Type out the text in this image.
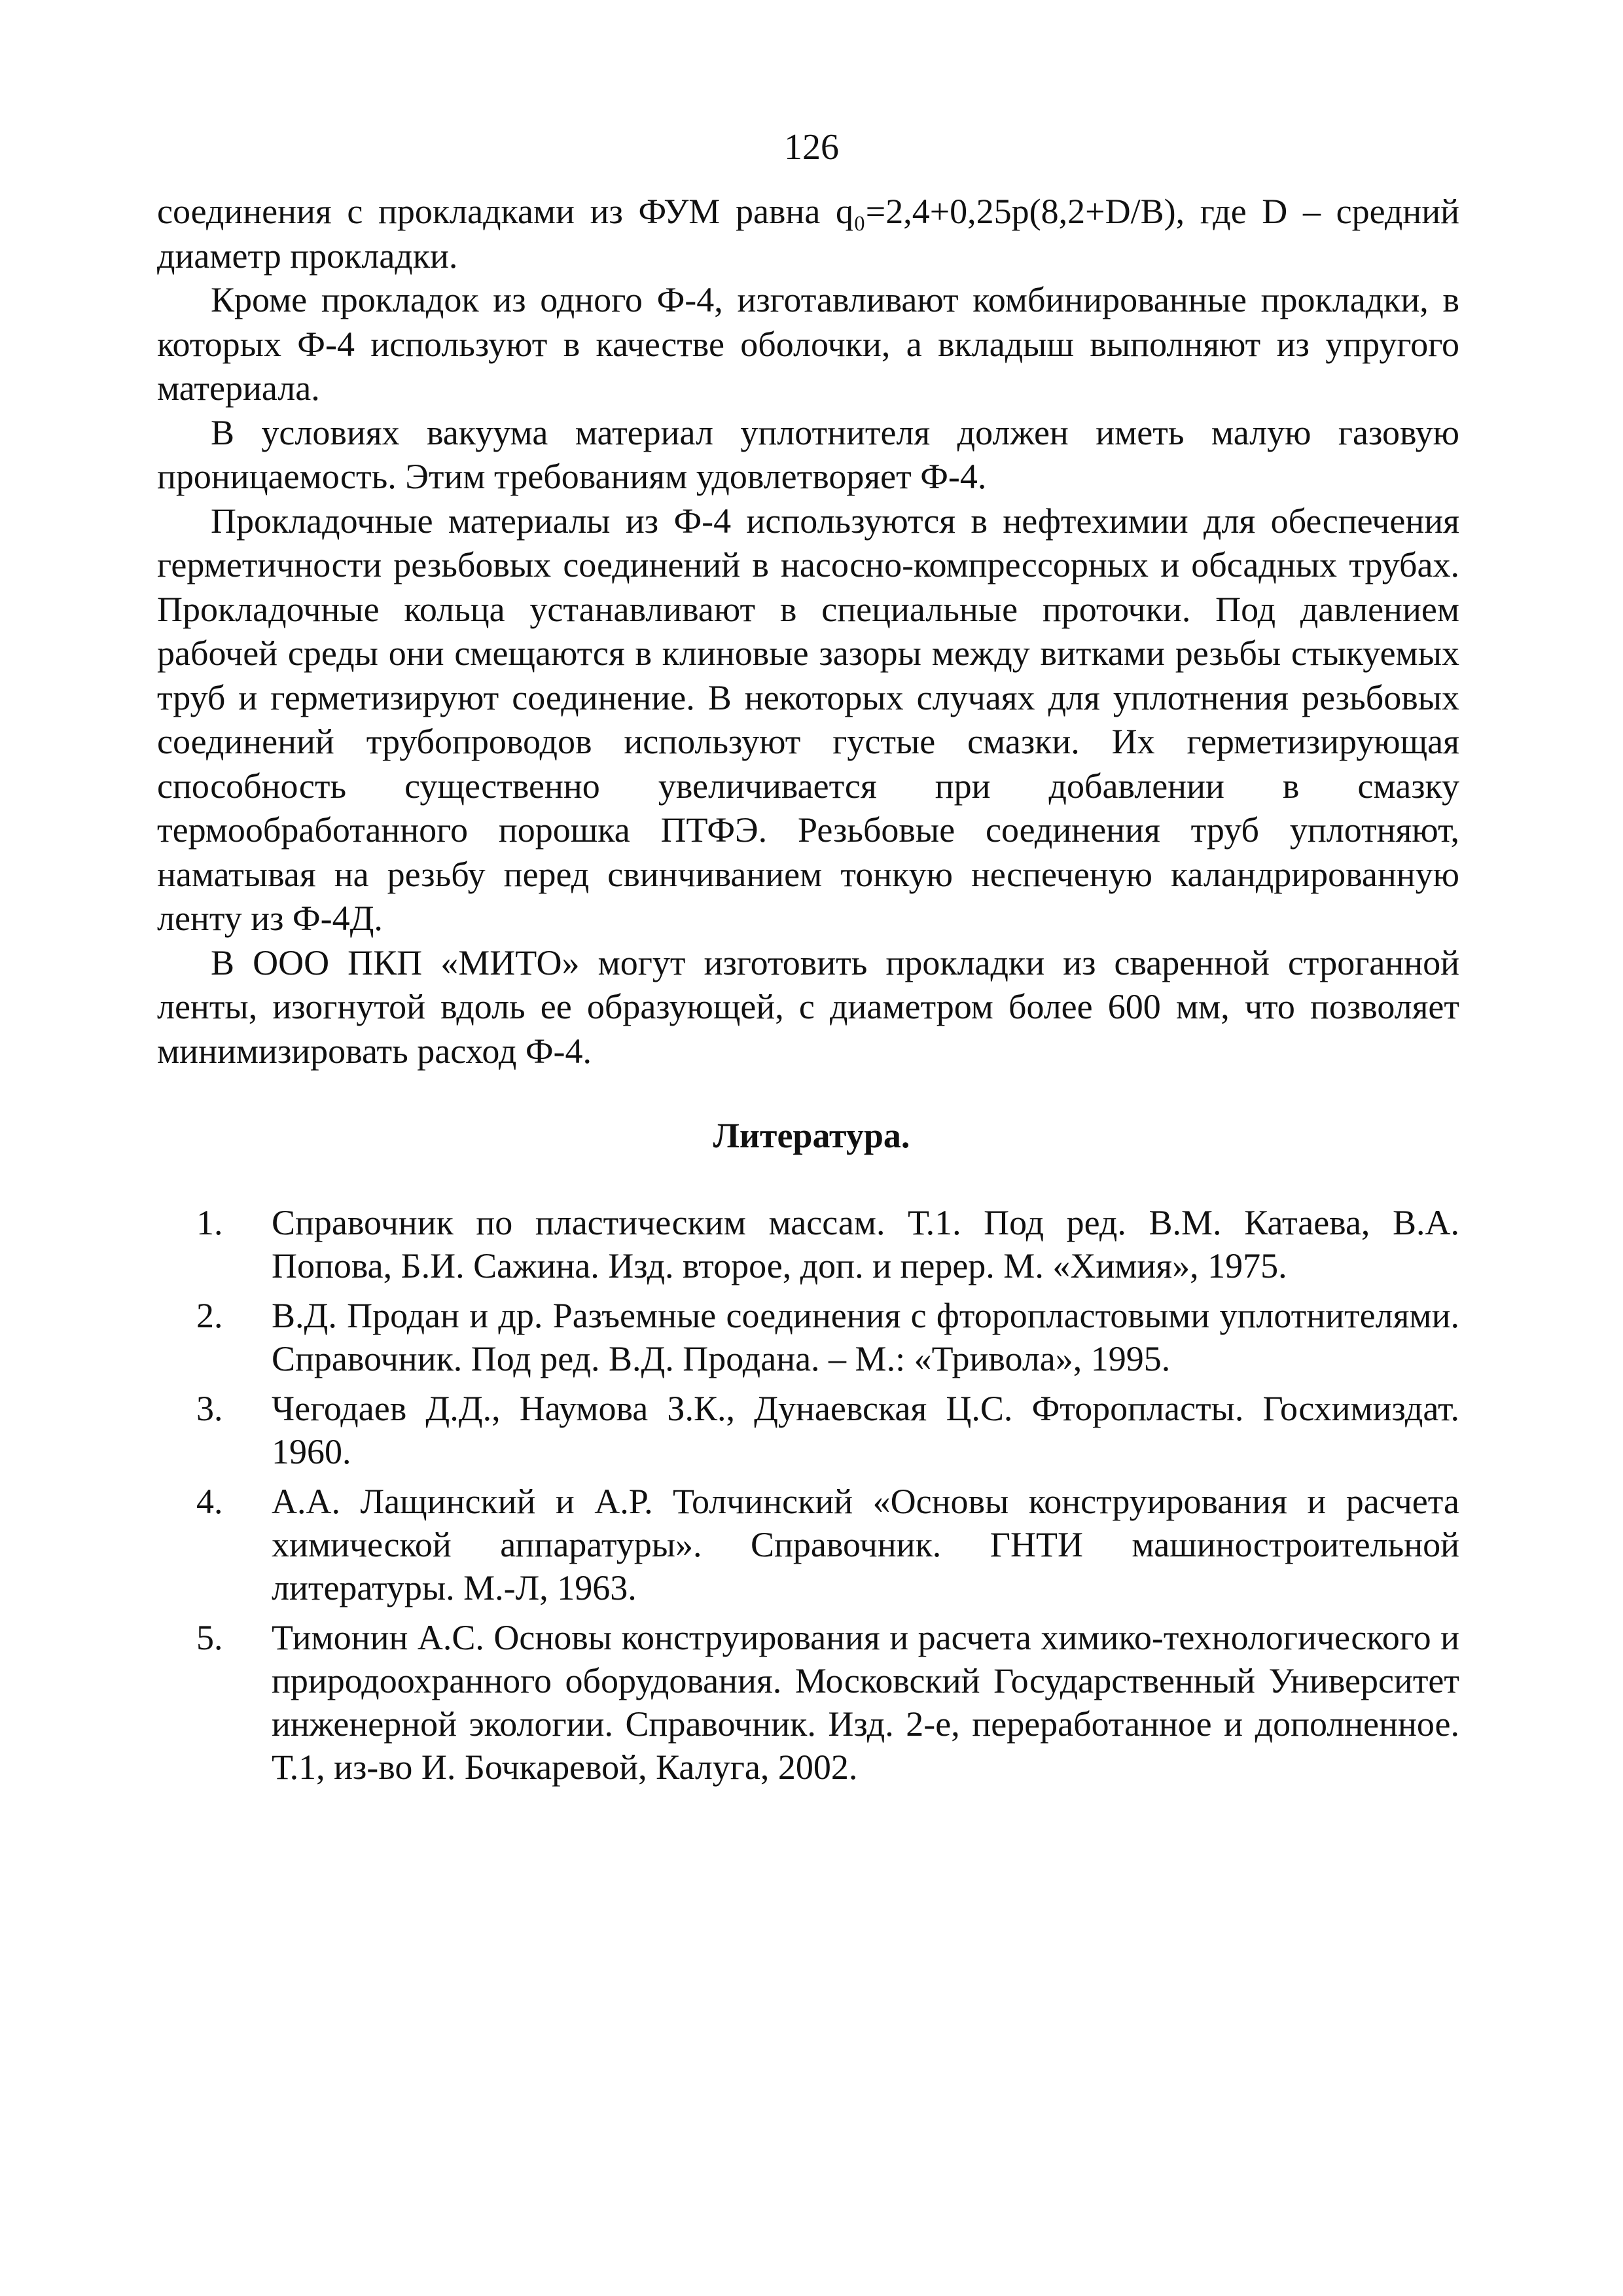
126

соединения с прокладками из ФУМ равна q₀=2,4+0,25p(8,2+D/B), где D – средний диаметр прокладки.

Кроме прокладок из одного Ф-4, изготавливают комбинированные прокладки, в которых Ф-4 используют в качестве оболочки, а вкладыш выполняют из упругого материала.

В условиях вакуума материал уплотнителя должен иметь малую газовую проницаемость. Этим требованиям удовлетворяет Ф-4.

Прокладочные материалы из Ф-4 используются в нефтехимии для обеспечения герметичности резьбовых соединений в насосно-компрессорных и обсадных трубах. Прокладочные кольца устанавливают в специальные проточки. Под давлением рабочей среды они смещаются в клиновые зазоры между витками резьбы стыкуемых труб и герметизируют соединение. В некоторых случаях для уплотнения резьбовых соединений трубопроводов используют густые смазки. Их герметизирующая способность существенно увеличивается при добавлении в смазку термообработанного порошка ПТФЭ. Резьбовые соединения труб уплотняют, наматывая на резьбу перед свинчиванием тонкую неспеченую каландрированную ленту из Ф-4Д.

В ООО ПКП «МИТО» могут изготовить прокладки из сваренной строганной ленты, изогнутой вдоль ее образующей, с диаметром более 600 мм, что позволяет минимизировать расход Ф-4.

Литература.
1.	Справочник по пластическим массам. Т.1. Под ред. В.М. Катаева, В.А. Попова, Б.И. Сажина. Изд. второе, доп. и перер. М. «Химия», 1975.
2.	В.Д. Продан и др. Разъемные соединения с фторопластовыми уплотнителями. Справочник. Под ред. В.Д. Продана. – М.: «Тривола», 1995.
3.	Чегодаев Д.Д., Наумова З.К., Дунаевская Ц.С. Фторопласты. Госхимиздат. 1960.
4.	А.А. Лащинский и А.Р. Толчинский «Основы конструирования и расчета химической аппаратуры». Справочник. ГНТИ машиностроительной литературы. М.-Л, 1963.
5.	Тимонин А.С. Основы конструирования и расчета химико-технологического и природоохранного оборудования. Московский Государственный Университет инженерной экологии. Справочник. Изд. 2-е, переработанное и дополненное. Т.1, из-во И. Бочкаревой, Калуга, 2002.
